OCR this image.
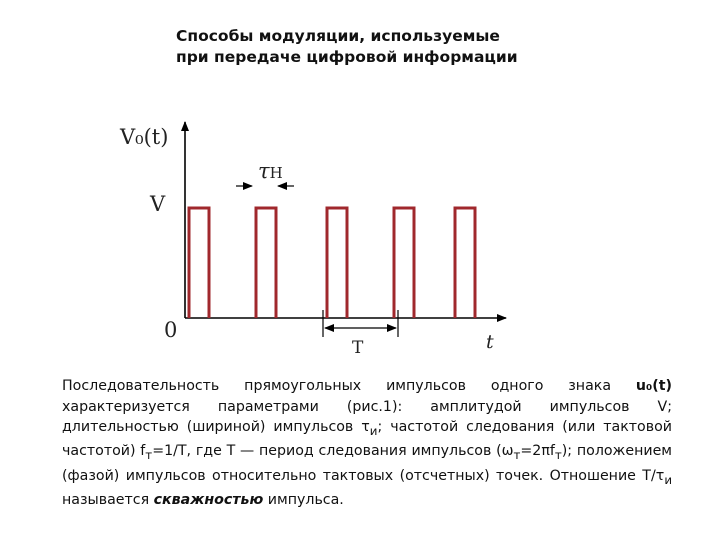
Способы модуляции, используемые
при передаче цифровой информации
V₀(t)
V
0	t
τН
T
Последовательность прямоугольных импульсов одного знака u₀(t) характеризуется параметрами (рис.1): амплитудой импульсов V; длительностью (шириной) импульсов $\tau_и$; частотой следования (или тактовой частотой) $f_т=1/Т$, где Т — период следования импульсов $(\omega_т=2\pi f_т)$; положением (фазой) импульсов относительно тактовых (отсчетных) точек. Отношение $Т/\tau_и$ называется скважностью импульса.
